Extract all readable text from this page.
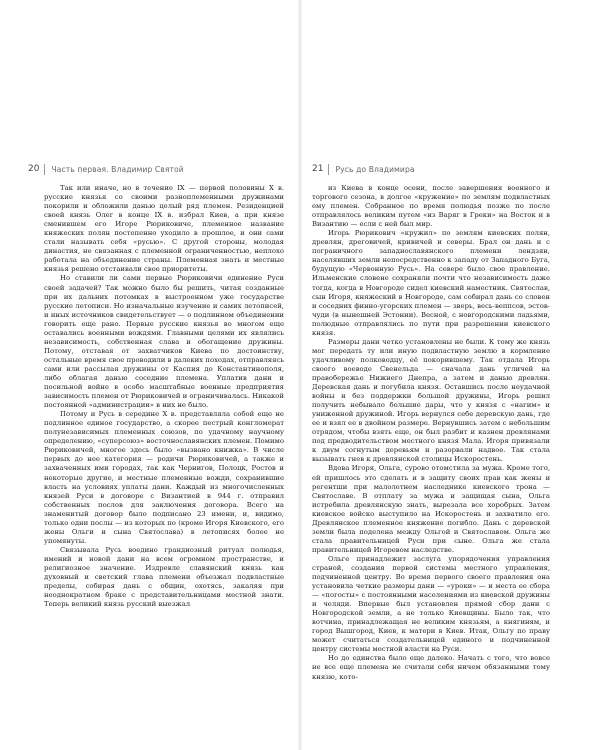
20 Часть первая. Владимир Святой

Так или иначе, но в течение IX — первой половины X в. русские князья со своими разноплеменными дружинами покорили и обложили данью целый ряд племен. Резиденцией своей князь Олег в конце IX в. избрал Киев, а при князе сменившем его Игоре Рюриковиче, племенное название княжеских полян постепенно уходило в прошлое, и они сами стали называть себя «русью». С другой стороны, молодая династия, не связанная с племенной ограниченностью, неплохо работала на объединение страны. Племенная знать и местные князья решено отстаивали свое приоритеты.

Но ставили ли сами первые Рюриковичи единение Руси своей задачей? Так можно было бы решить, читая созданные при их дальних потомках в выстроенном уже государстве русские летописи. Но изначальные изучение и самих летописей, и иных источников свидетельствует — о подлинном объединении говорить еще рано. Первые русские князья во многом еще оставались военными вождями. Главными целями их являлись независимость, собственная слава и обогащение дружины. Потому, отставая от захватчиков Киева по достоинству, остальные время свое проводили в далеких походах, отправляясь сами или рассылая дружины от Каспия до Константинополя, либо облагая данью соседние племена. Уплатив дани и посильной войне в особо масштабные военные предприятия зависимость племен от Рюриковичей и ограничивалась. Никакой постоянной «администрации» в них не было.

Потому и Русь в середине X в. представляла собой еще не подлинное единое государство, а скорее пестрый конгломерат полунезависимых племенных союзов, по удачному научному определению, «суперсоюз» восточнославянских племен. Помимо Рюриковичей, многое здесь было «вызвано книжка». В числе первых до нее категория — родичи Рюриковичей, а также и захваченных ими городах, так как Чернигов, Полоцк, Ростов и некоторые другие, и местные племенные вожди, сохранившие власть на условиях уплаты дани. Каждый из многочисленных князей Руси в договоре с Византией в 944 г. отправил собственных послов для заключения договора. Всего на знаменитый договор было подписано 23 имени, и, видимо, только одни послы — из которых по (кроме Игоря Киевского, его жены Ольги и сына Святослава) в летописях более не упомянуты.

Связывала Русь воедино грандиозный ритуал полюдья, имений и новой дани на всем огромном пространстве, и религиозное значение. Издревле славянский князь как духовный и светский глава племени объезжал подвластные пределы, собирая дань с общин, охотясь, закаляя при неоднократном браке с представительницами местной знати. Теперь великий князь русский выезжал

21 Русь до Владимира

из Киева в конце осени, после завершения военного и торгового сезона, в долгое «кружение» по землям подвластных ему племен. Собранное по время полюдья позже по после отправлялось великим путем «из Варяг в Греки» на Восток и в Византию — если с ней был мир.

Игорь Рюрикович «кружил» по землям киевских полян, древлян, дреговичей, кривичей и северы. Брал он дань и с пограничного западнославянского племени лендзян, населявших земли непосредственно к западу от Западного Буга, будущую «Червонную Русь». На севере было свое правление. Ильменские словене сохраняли почти что независимость даже тогда, когда в Новгороде сидел киевский наместник. Святослав, сын Игоря, княжеский в Новгороде, сам собирал дань со словен и соседних финно-угорских племен — зверь, весь-веппсов, эстов-чуди (в нынешней Эстонии). Весной, с новгородскими ладьями, полюдные отправлялись по пути при разрешении киевского князя.

Размеры дани четко установлены не были. К тому же князь мог передать ту или иную подвластную землю в кормление удачливому полководцу, её покорившему. Так отдала Игорь своего воеводе Свенельда — сначала дань угличей на правобережье Нижнего Днепра, а затем и данью древлян. Деревская дань и погубила князя. Оставшись после неудачной войны и без поддержки большой дружины, Игорь решил получить небывало большие дары, что у князя с «нагим» и униженной дружиной. Игорь вернулся себе деревскую дань, где ее и взял ее в двойном размере. Вернувшись затем с небольшим отрядом, чтобы взять еще, он был разбит и казнен древлянами под предводительством местного князя Мала. Игоря привязали к двум согнутым деревьям и разорвали надвое. Так стала вызывать гнев к древлянской столицы Искоростень.

Вдова Игоря, Ольга, сурово отомстила за мужа. Кроме того, ей пришлось это сделать и в защиту своих прав как жены и регентши при малолетнем наследнике киевского трона — Святославе. В отплату за мужа и защищая сына, Ольга истребила древлянскую знать, вырезала все хоробрых. Затем киевское войско выступило на Искоростень и захватило его. Древлянское племенное княжение погибло. Дань с деревской земли была поделена между Ольгой и Святославом. Ольга же стала правительницей Руси при сыне. Ольга же стала правительницей Игоревом наследстве.

Ольге принадлежит заслуга упорядочения управления страной, создания первой системы местного управления, подчиненной центру. Во время первого своего правления она установила четкие размеры дани — «уроки» — и места ее сбора — «погосты» с постоянными населениями из киевской дружины и челяди. Впервые был установлен прямой сбор дани с Новгородской земли, а не только Киевщины. Было так, что вотчина, принадлежащая не великим князьям, а княгиням, и город Вышгород, Киев, к матери в Киев. Итак, Ольгу по праву может считаться создательницей единого и подчиненной центру системы местной власти на Руси.

Но до единства было еще далеко. Начать с того, что вовсе не все еще племена не считали себя ничем обязанными тому князю, кото-
